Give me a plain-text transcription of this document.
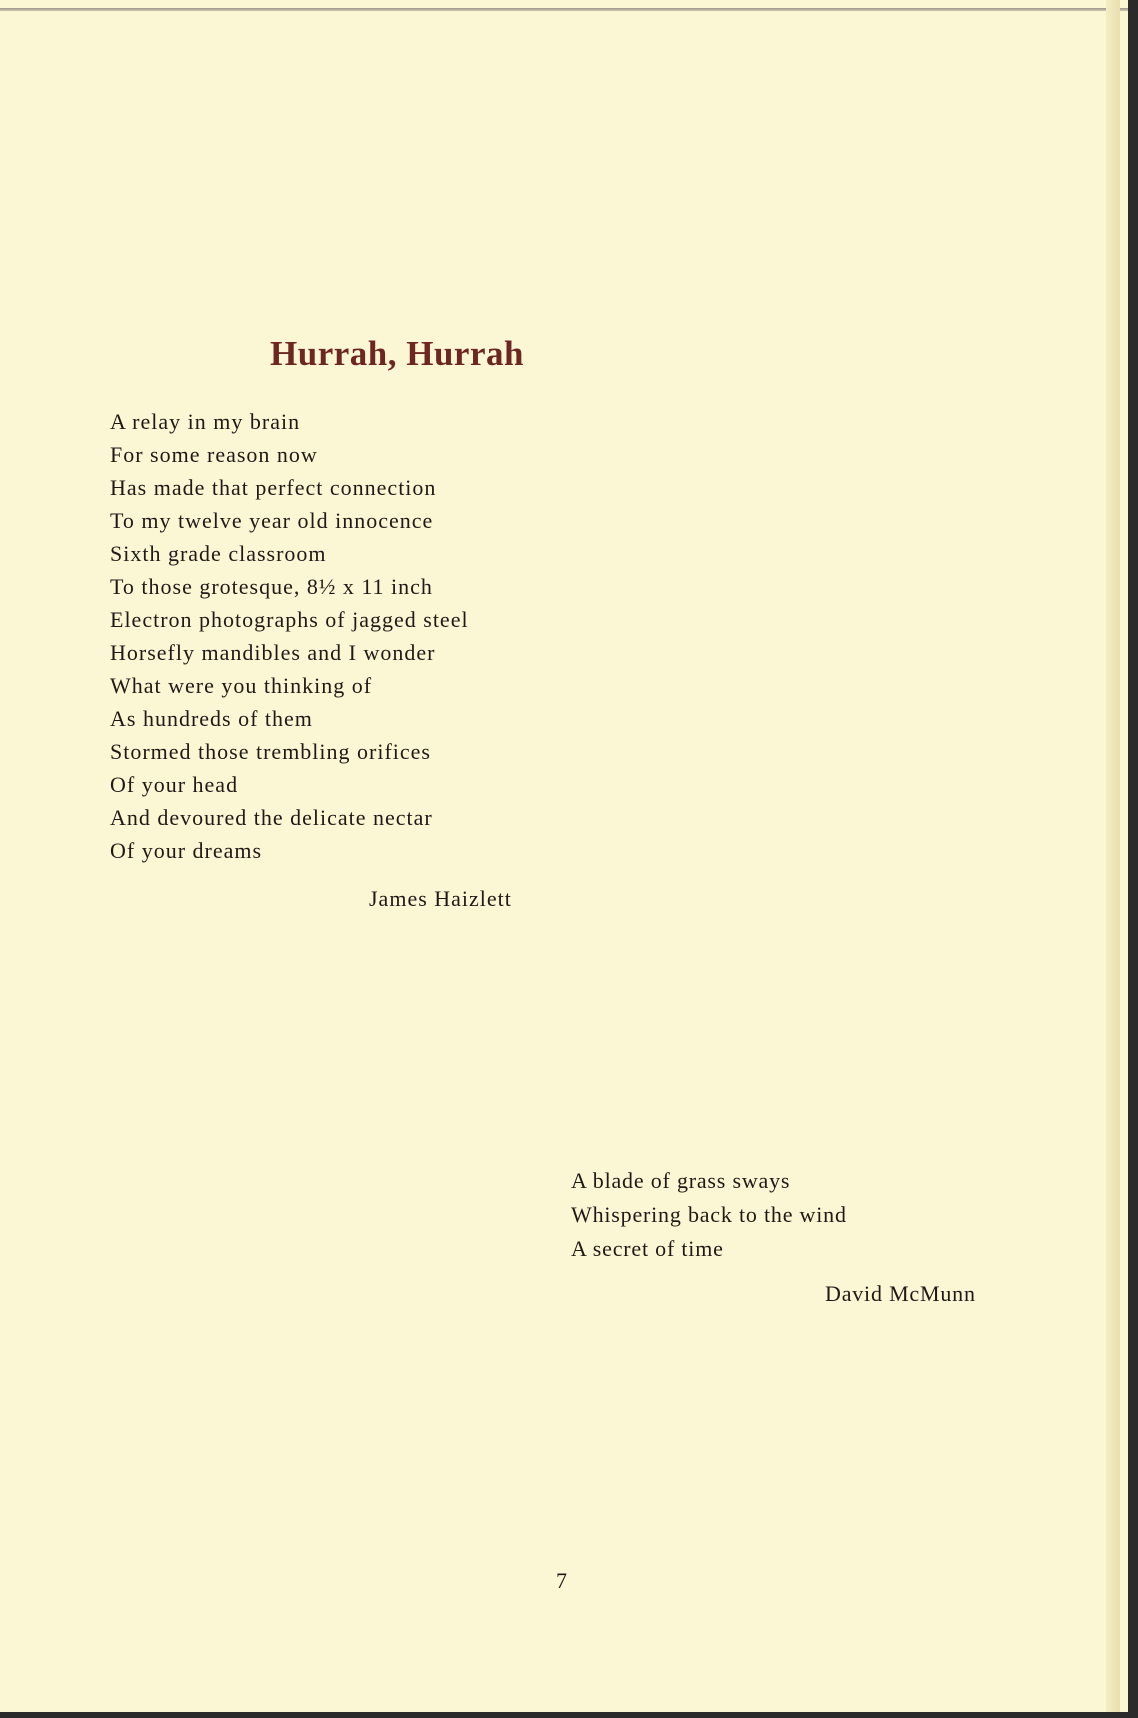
Hurrah, Hurrah
A relay in my brain
For some reason now
Has made that perfect connection
To my twelve year old innocence
Sixth grade classroom
To those grotesque, 8½ x 11 inch
Electron photographs of jagged steel
Horsefly mandibles and I wonder
What were you thinking of
As hundreds of them
Stormed those trembling orifices
Of your head
And devoured the delicate nectar
Of your dreams
James Haizlett
A blade of grass sways
Whispering back to the wind
A secret of time
David McMunn
7
